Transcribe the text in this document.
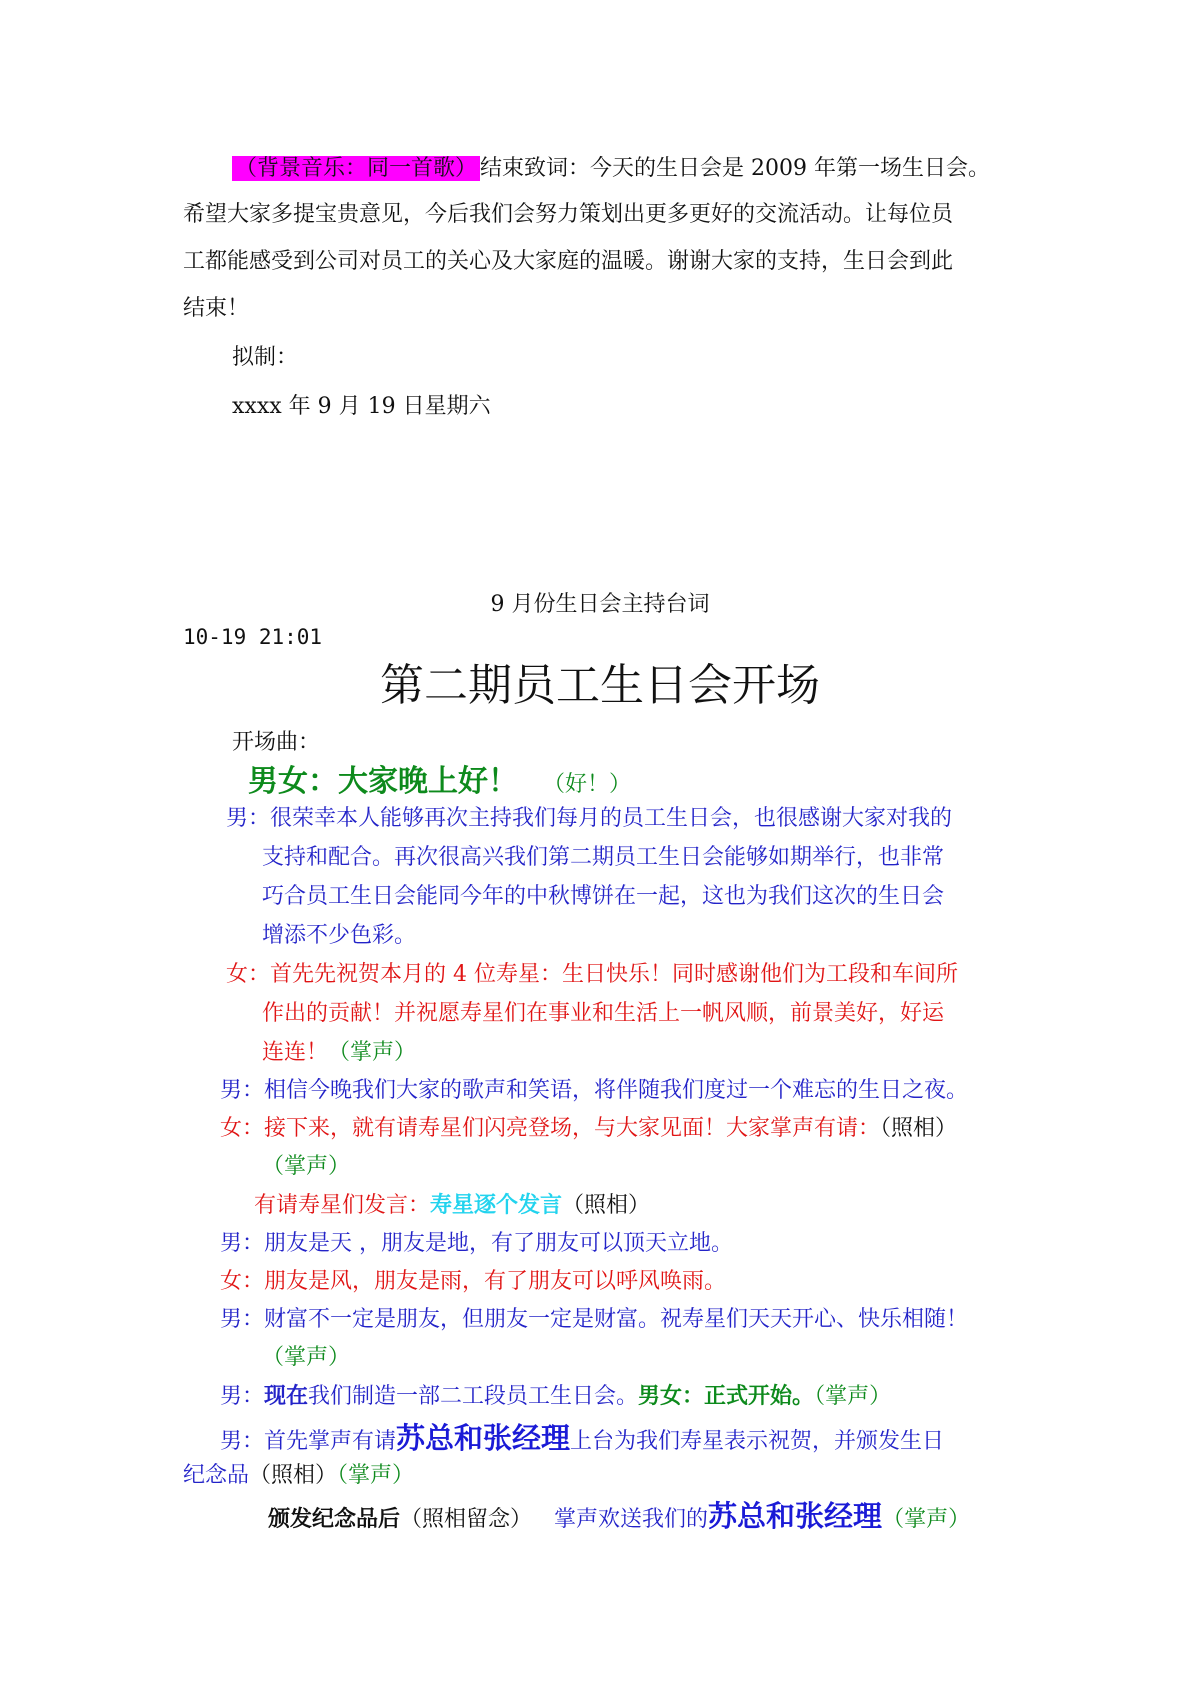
（背景音乐：同一首歌） 结束致词：今天的生日会是 2009 年第一场生日会。
希望大家多提宝贵意见，今后我们会努力策划出更多更好的交流活动。让每位员
工都能感受到公司对员工的关心及大家庭的温暖。谢谢大家的支持，生日会到此
结束！
拟制：
xxxx 年 9 月 19 日星期六
9 月份生日会主持台词
10-19 21:01
第二期员工生日会开场
开场曲：
男女：大家晚上好！ （好！）
男：很荣幸本人能够再次主持我们每月的员工生日会，也很感谢大家对我的
支持和配合。再次很高兴我们第二期员工生日会能够如期举行，也非常
巧合员工生日会能同今年的中秋博饼在一起，这也为我们这次的生日会
增添不少色彩。
女：首先先祝贺本月的 4 位寿星：生日快乐！同时感谢他们为工段和车间所
作出的贡献！并祝愿寿星们在事业和生活上一帆风顺，前景美好，好运
连连！（掌声）
男：相信今晚我们大家的歌声和笑语，将伴随我们度过一个难忘的生日之夜。
女：接下来，就有请寿星们闪亮登场，与大家见面！大家掌声有请：（照相）
（掌声）
有请寿星们发言：寿星逐个发言（照相）
男：朋友是天 ，朋友是地，有了朋友可以顶天立地。
女：朋友是风，朋友是雨，有了朋友可以呼风唤雨。
男：财富不一定是朋友，但朋友一定是财富。祝寿星们天天开心、快乐相随！
（掌声）
男：现在我们制造一部二工段员工生日会。男女：正式开始。（掌声）
男：首先掌声有请苏总和张经理上台为我们寿星表示祝贺，并颁发生日
纪念品（照相）（掌声）
颁发纪念品后（照相留念） 掌声欢送我们的苏总和张经理（掌声）
